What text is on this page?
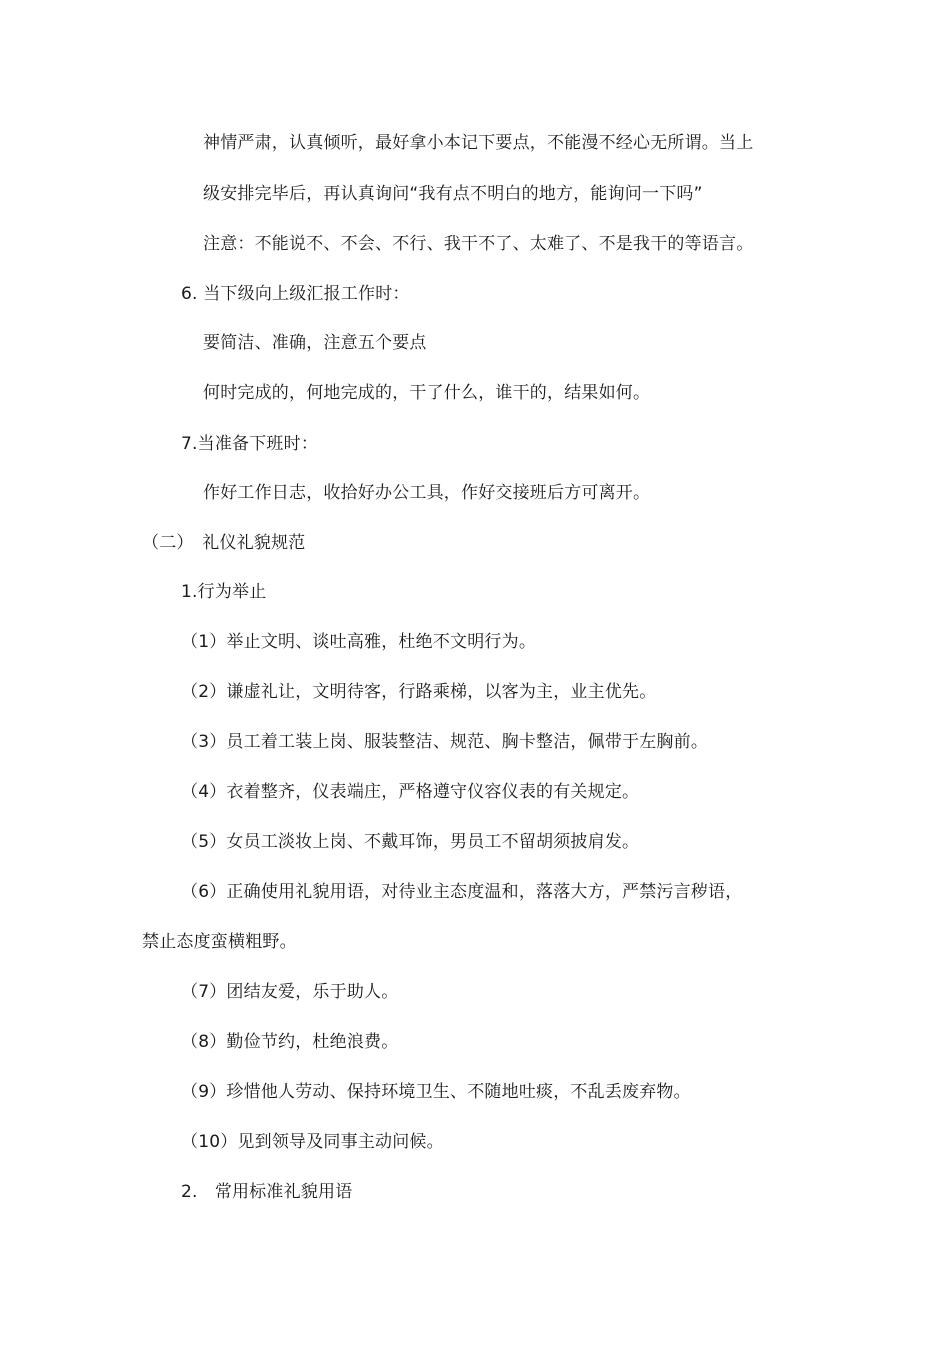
神情严肃，认真倾听，最好拿小本记下要点，不能漫不经心无所谓。当上
级安排完毕后，再认真询问“我有点不明白的地方，能询问一下吗”
注意：不能说不、不会、不行、我干不了、太难了、不是我干的等语言。
6. 当下级向上级汇报工作时：
要简洁、准确，注意五个要点
何时完成的，何地完成的，干了什么，谁干的，结果如何。
7.当准备下班时：
作好工作日志，收拾好办公工具，作好交接班后方可离开。
（二）　礼仪礼貌规范
1.行为举止
（1）举止文明、谈吐高雅，杜绝不文明行为。
（2）谦虚礼让，文明待客，行路乘梯，以客为主，业主优先。
（3）员工着工装上岗、服装整洁、规范、胸卡整洁，佩带于左胸前。
（4）衣着整齐，仪表端庄，严格遵守仪容仪表的有关规定。
（5）女员工淡妆上岗、不戴耳饰，男员工不留胡须披肩发。
（6）正确使用礼貌用语，对待业主态度温和，落落大方，严禁污言秽语，
禁止态度蛮横粗野。
（7）团结友爱，乐于助人。
（8）勤俭节约，杜绝浪费。
（9）珍惜他人劳动、保持环境卫生、不随地吐痰，不乱丢废弃物。
（10）见到领导及同事主动问候。
2.　常用标准礼貌用语
